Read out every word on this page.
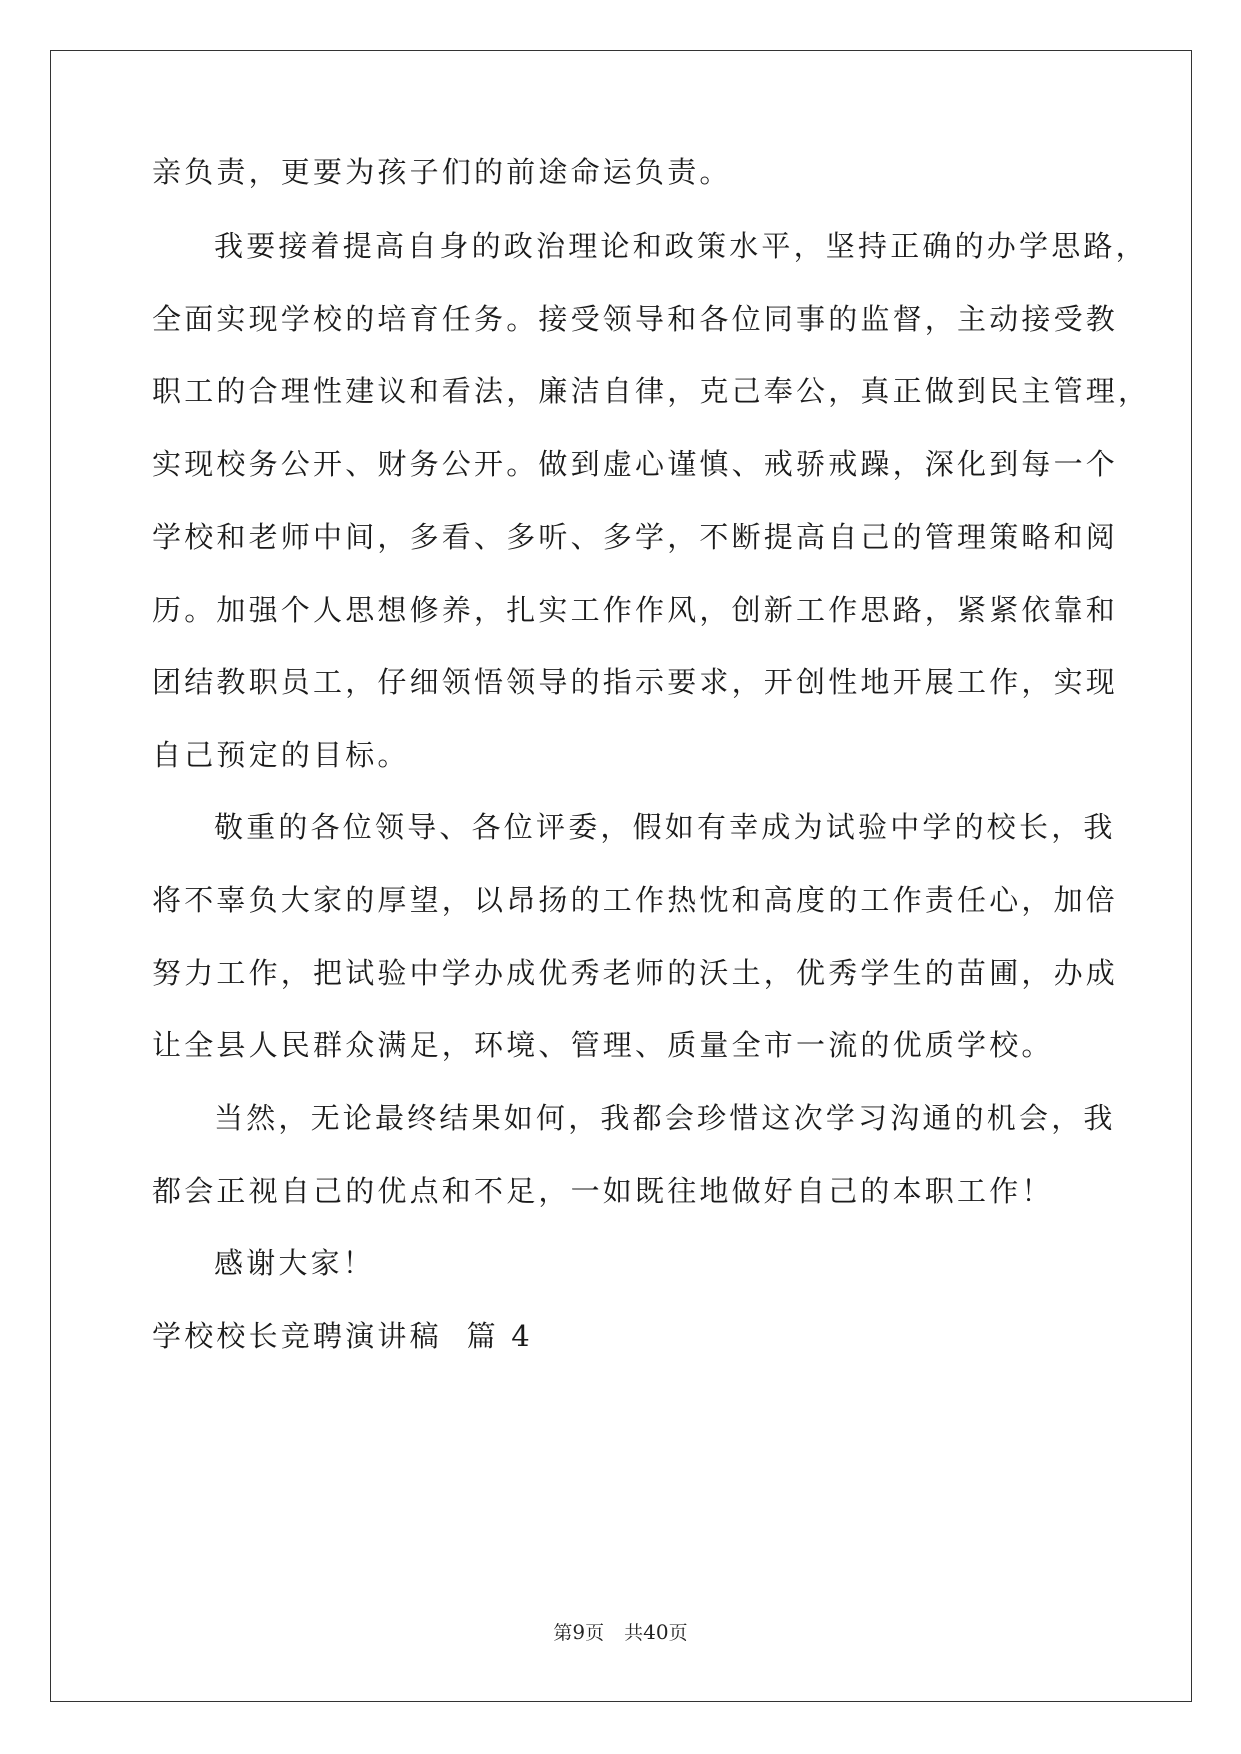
亲负责，更要为孩子们的前途命运负责。
我要接着提高自身的政治理论和政策水平，坚持正确的办学思路，
全面实现学校的培育任务。接受领导和各位同事的监督，主动接受教
职工的合理性建议和看法，廉洁自律，克己奉公，真正做到民主管理，
实现校务公开、财务公开。做到虚心谨慎、戒骄戒躁，深化到每一个
学校和老师中间，多看、多听、多学，不断提高自己的管理策略和阅
历。加强个人思想修养，扎实工作作风，创新工作思路，紧紧依靠和
团结教职员工，仔细领悟领导的指示要求，开创性地开展工作，实现
自己预定的目标。
敬重的各位领导、各位评委，假如有幸成为试验中学的校长，我
将不辜负大家的厚望，以昂扬的工作热忱和高度的工作责任心，加倍
努力工作，把试验中学办成优秀老师的沃土，优秀学生的苗圃，办成
让全县人民群众满足，环境、管理、质量全市一流的优质学校。
当然，无论最终结果如何，我都会珍惜这次学习沟通的机会，我
都会正视自己的优点和不足，一如既往地做好自己的本职工作！
感谢大家！
学校校长竞聘演讲稿  篇 4
第9页 共40页
